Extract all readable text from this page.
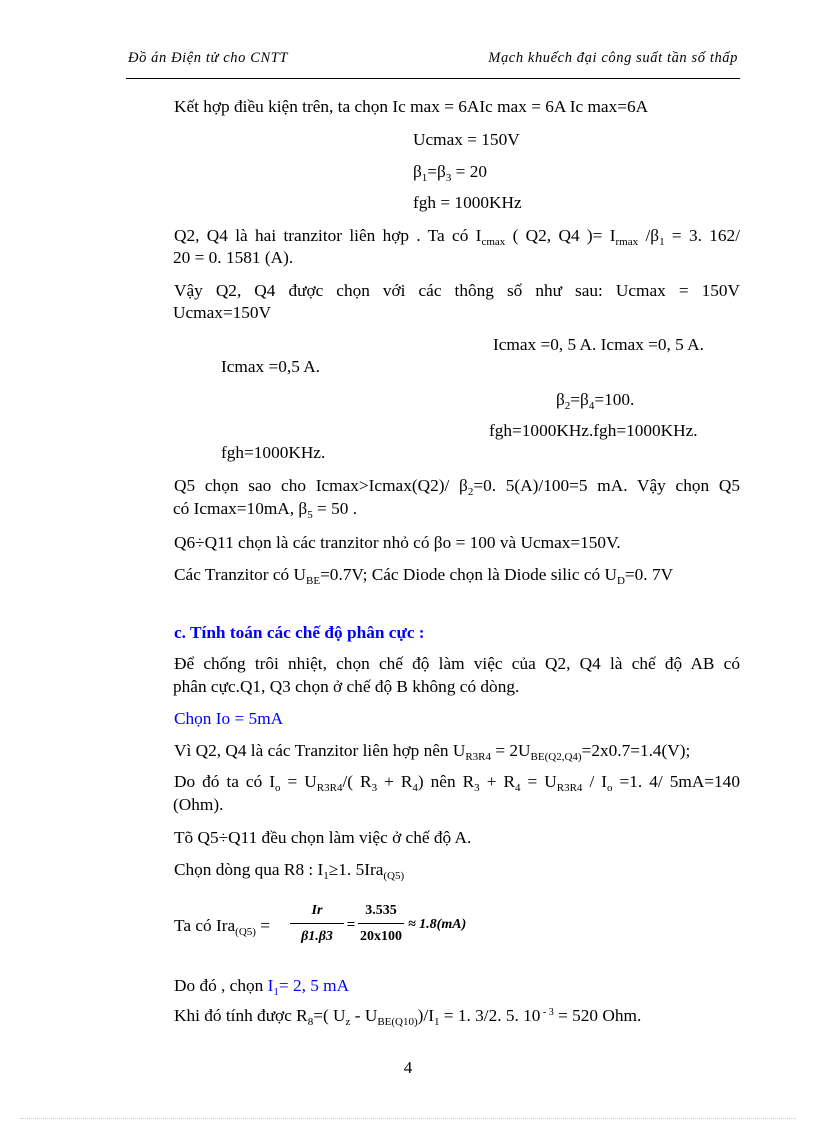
Đồ án Điện tử cho CNTT	Mạch khuếch đại công suất tần số thấp
Kết hợp điều kiện trên, ta chọn Ic max = 6AIc max = 6A Ic max=6A
Ucmax = 150V
$\beta_1=\beta_3 = 20$
fgh = 1000KHz
Q2, Q4 là hai tranzitor liên hợp . Ta có $I_{cmax}$ ( Q2, Q4 )= $I_{rmax}$ $/\beta_1 = 3$. 162/
20 = 0. 1581 (A).
Vậy Q2, Q4 được chọn với các thông số như sau: Ucmax = 150V
Ucmax=150V
Icmax =0, 5 A. Icmax =0, 5 A.
Icmax =0,5 A.
$\beta_2=\beta_4=100$.
fgh=1000KHz.fgh=1000KHz.
fgh=1000KHz.
Q5 chọn sao cho Icmax>Icmax(Q2)/ $\beta_2=0$. 5(A)/100=5 mA. Vậy chọn Q5
có Icmax=10mA, $\beta_5 = 50$ .
Q6÷Q11 chọn là các tranzitor nhỏ có βo = 100 và Ucmax=150V.
Các Tranzitor có $U_{BE}=0.7V$; Các Diode chọn là Diode silic có $U_D=0$. 7V
c. Tính toán các chế độ phân cực :
Để chống trôi nhiệt, chọn chế độ làm việc của Q2, Q4 là chế độ AB có
phân cực.Q1, Q3 chọn ở chế độ B không có dòng.
Chọn Io = 5mA
Vì Q2, Q4 là các Tranzitor liên hợp nên $U_{R3R4} = 2U_{BE(Q2,Q4)}=2x0.7=1.4(V)$;
Do đó ta có $I_o = U_{R3R4}/$( $R_3 + R_4$) nên $R_3 + R_4 = U_{R3R4} / I_o =1$. 4/ 5mA=140
(Ohm).
Tõ Q5÷Q11 đều chọn làm việc ở chế độ A.
Chọn dòng qua R8 : $I_1\ge 1$. 5Ira$_{(Q5)}$
Ta có Ira$_{(Q5)}$ =
Ir
β1.β3
=
3.535
20x100
≈ 1.8(mA)
Do đó , chọn $I_1= 2$, 5 mA
Khi đó tính được $R_8=$( $U_z - U_{BE(Q10)})/I_1 = 1$. 3/2. 5. 10 $^{- 3}$ = 520 Ohm.
4
